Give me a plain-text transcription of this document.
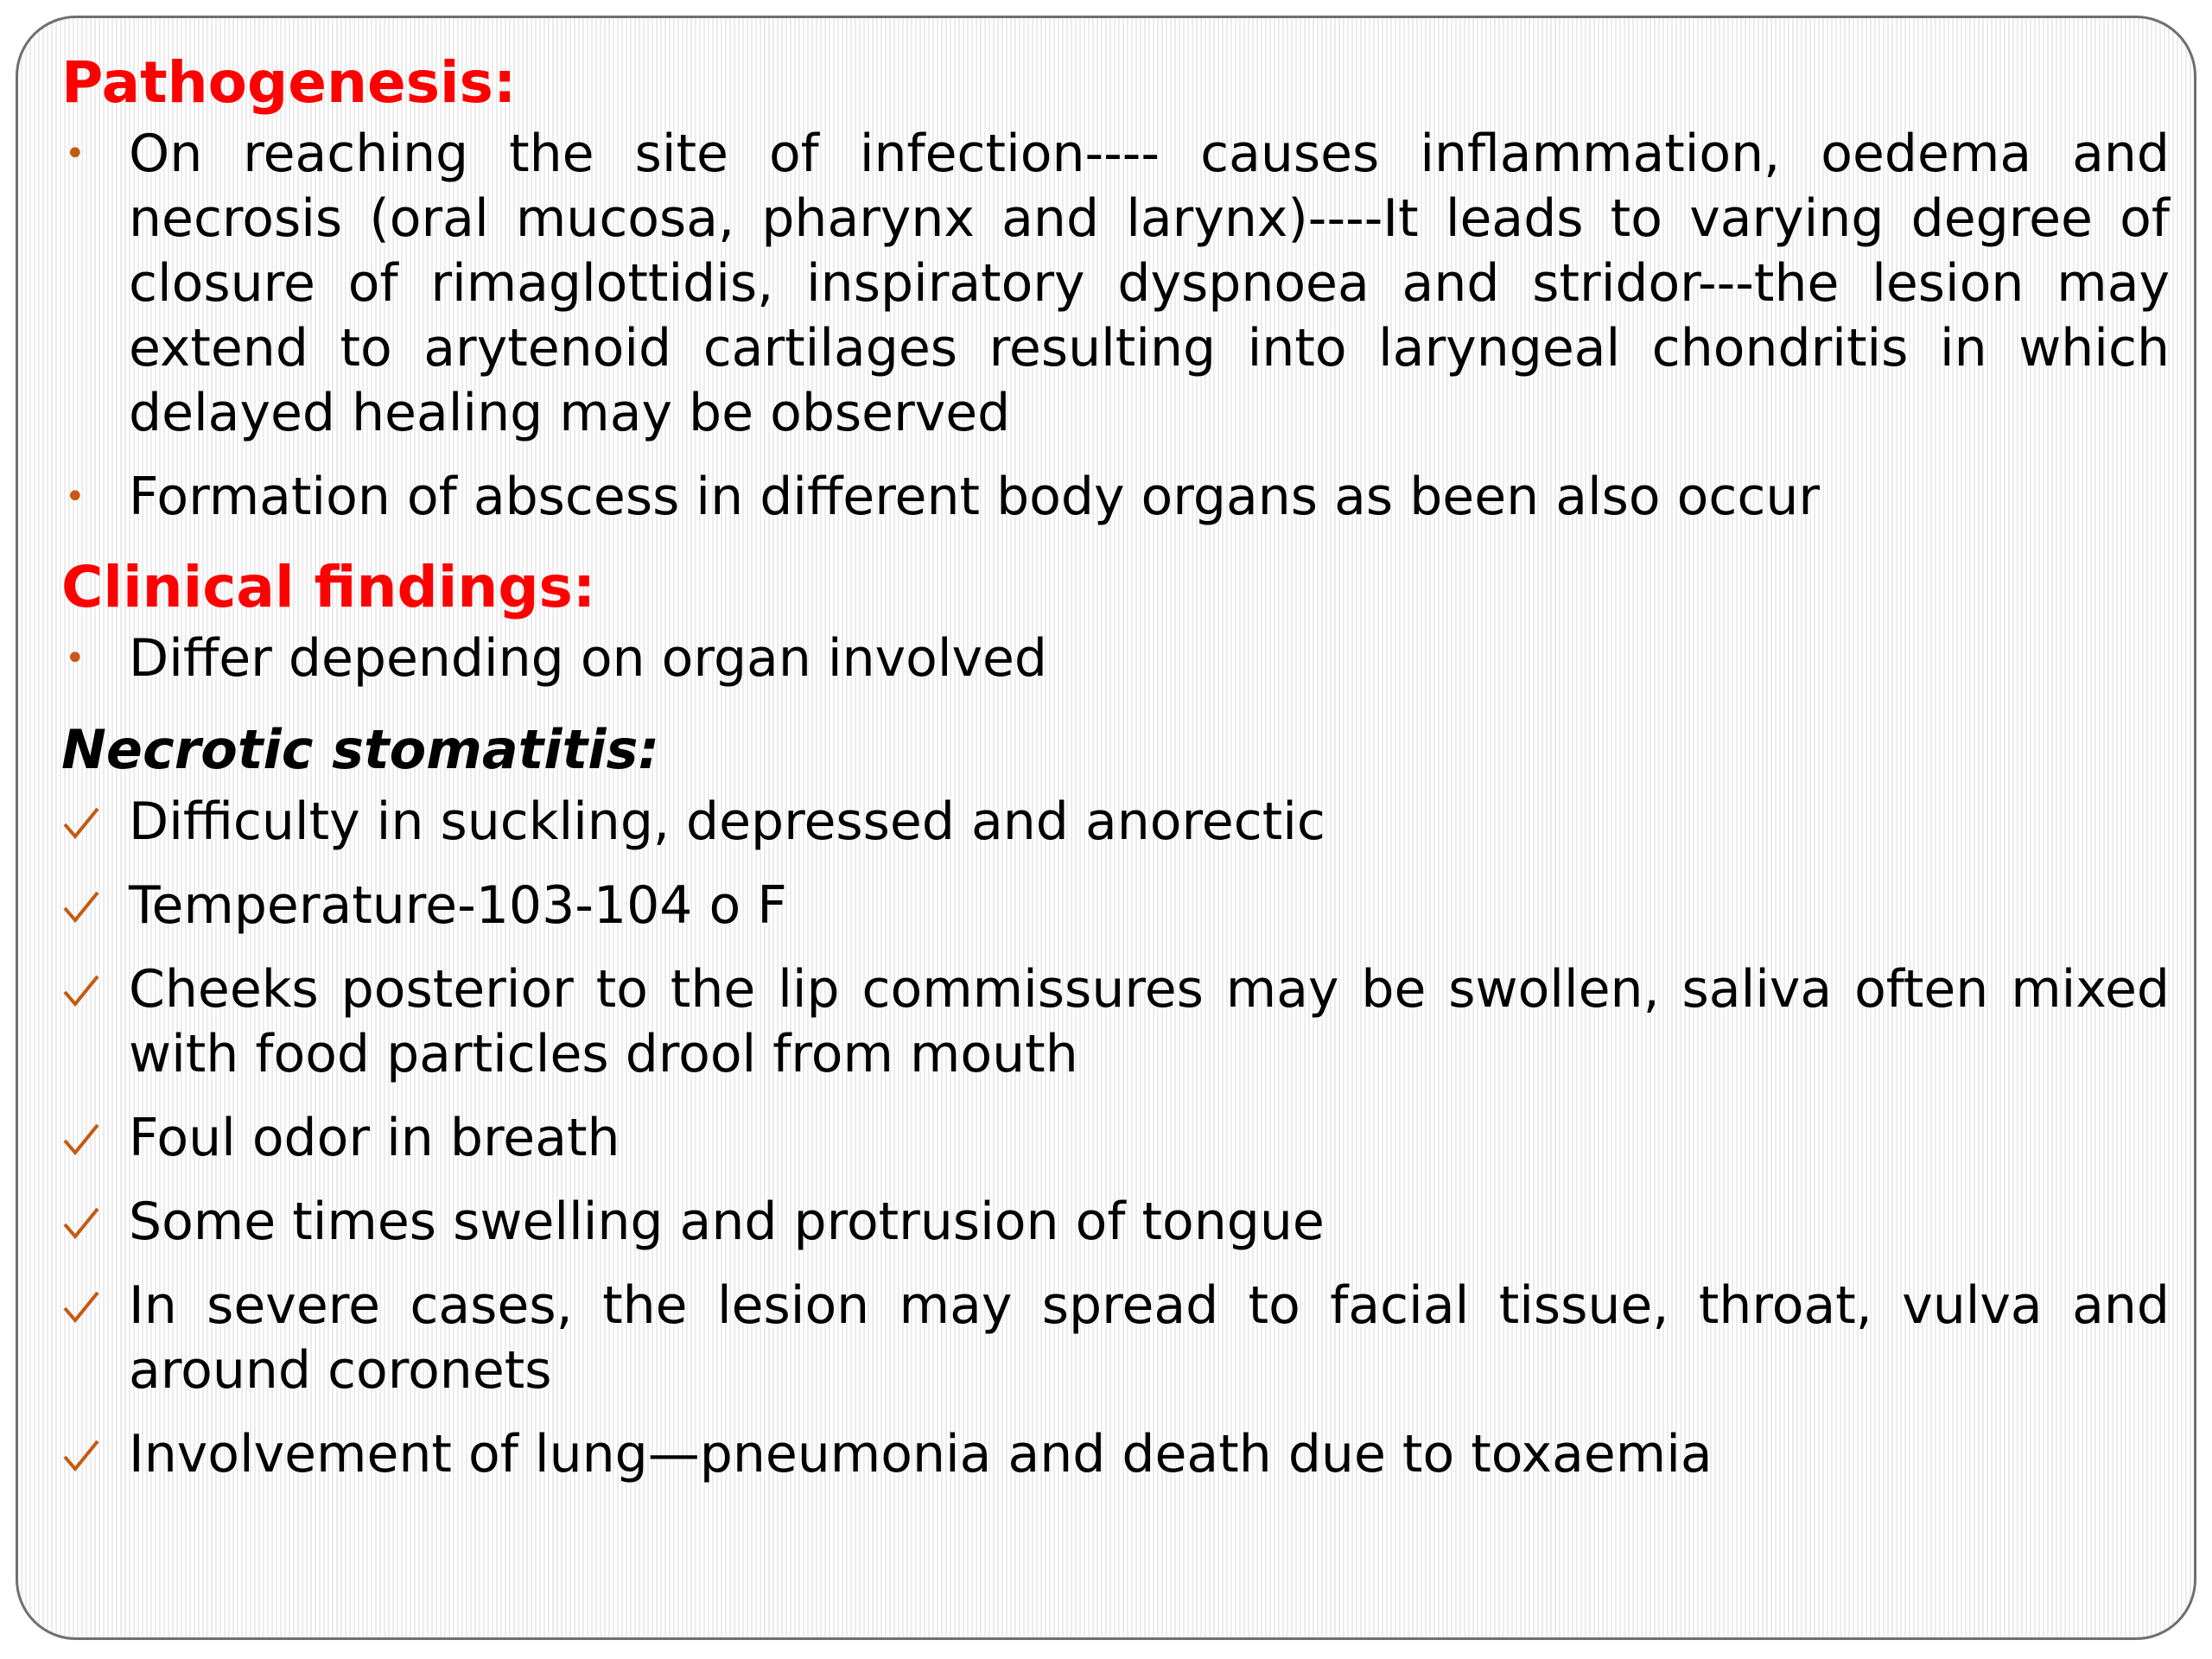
Pathogenesis:
• On reaching the site of infection---- causes inflammation, oedema and necrosis (oral mucosa, pharynx and larynx)----It leads to varying degree of closure of rimaglottidis, inspiratory dyspnoea and stridor---the lesion may extend to arytenoid cartilages resulting into laryngeal chondritis in which delayed healing may be observed
• Formation of abscess in different body organs as been also occur
Clinical findings:
• Differ depending on organ involved
Necrotic stomatitis:
Difficulty in suckling, depressed and anorectic
Temperature-103-104 o F
Cheeks posterior to the lip commissures may be swollen, saliva often mixed with food particles drool from mouth
Foul odor in breath
Some times swelling and protrusion of tongue
In severe cases, the lesion may spread to facial tissue, throat, vulva and around coronets
Involvement of lung—pneumonia and death due to toxaemia
